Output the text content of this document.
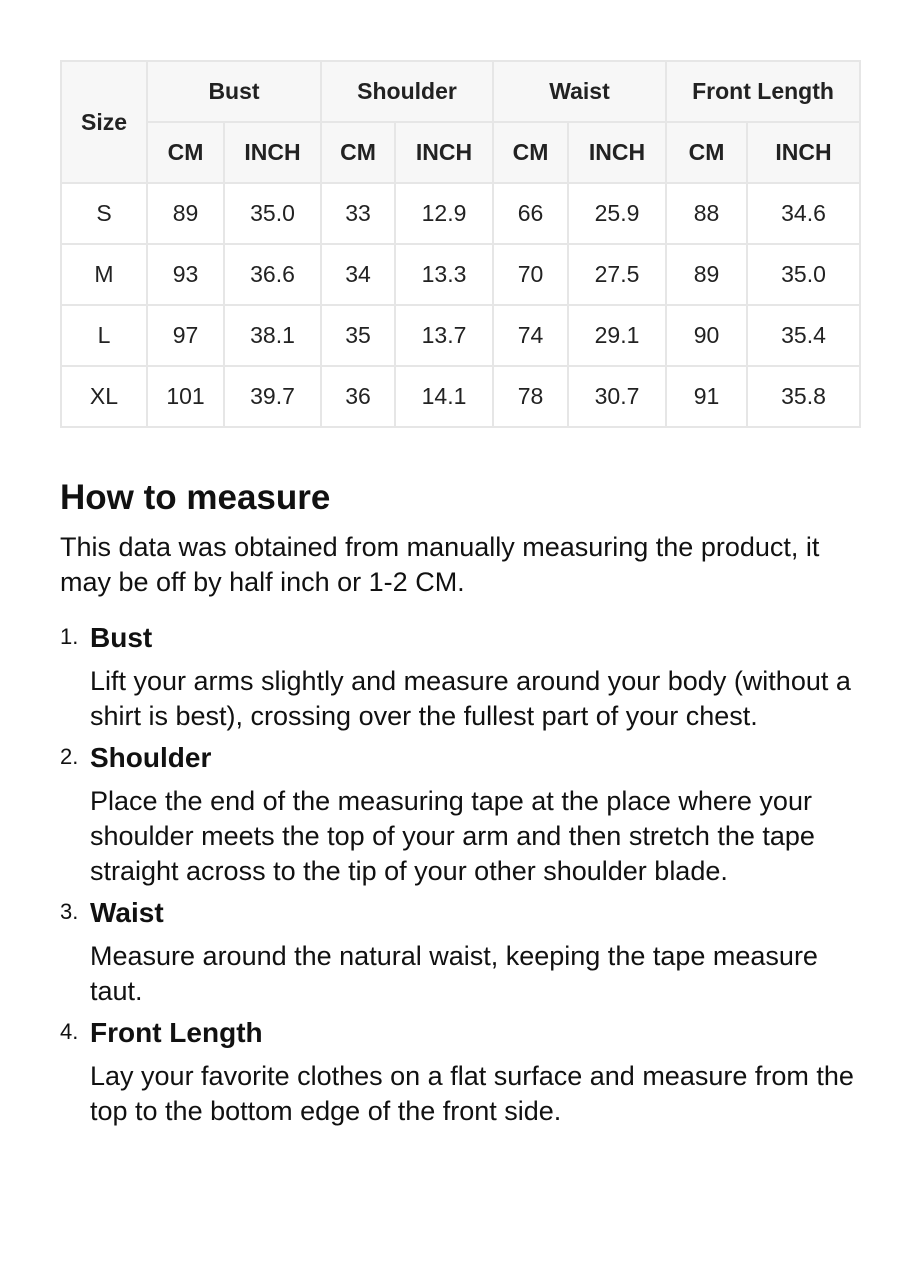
Size	Bust		Shoulder		Waist		Front Length	
	CM	INCH	CM	INCH	CM	INCH	CM	INCH
S	89	35.0	33	12.9	66	25.9	88	34.6
M	93	36.6	34	13.3	70	27.5	89	35.0
L	97	38.1	35	13.7	74	29.1	90	35.4
XL	101	39.7	36	14.1	78	30.7	91	35.8
How to measure

This data was obtained from manually measuring the product, it may be off by half inch or 1-2 CM.

1. Bust
Lift your arms slightly and measure around your body (without a shirt is best), crossing over the fullest part of your chest.
2. Shoulder
Place the end of the measuring tape at the place where your shoulder meets the top of your arm and then stretch the tape straight across to the tip of your other shoulder blade.
3. Waist
Measure around the natural waist, keeping the tape measure taut.
4. Front Length
Lay your favorite clothes on a flat surface and measure from the top to the bottom edge of the front side.
